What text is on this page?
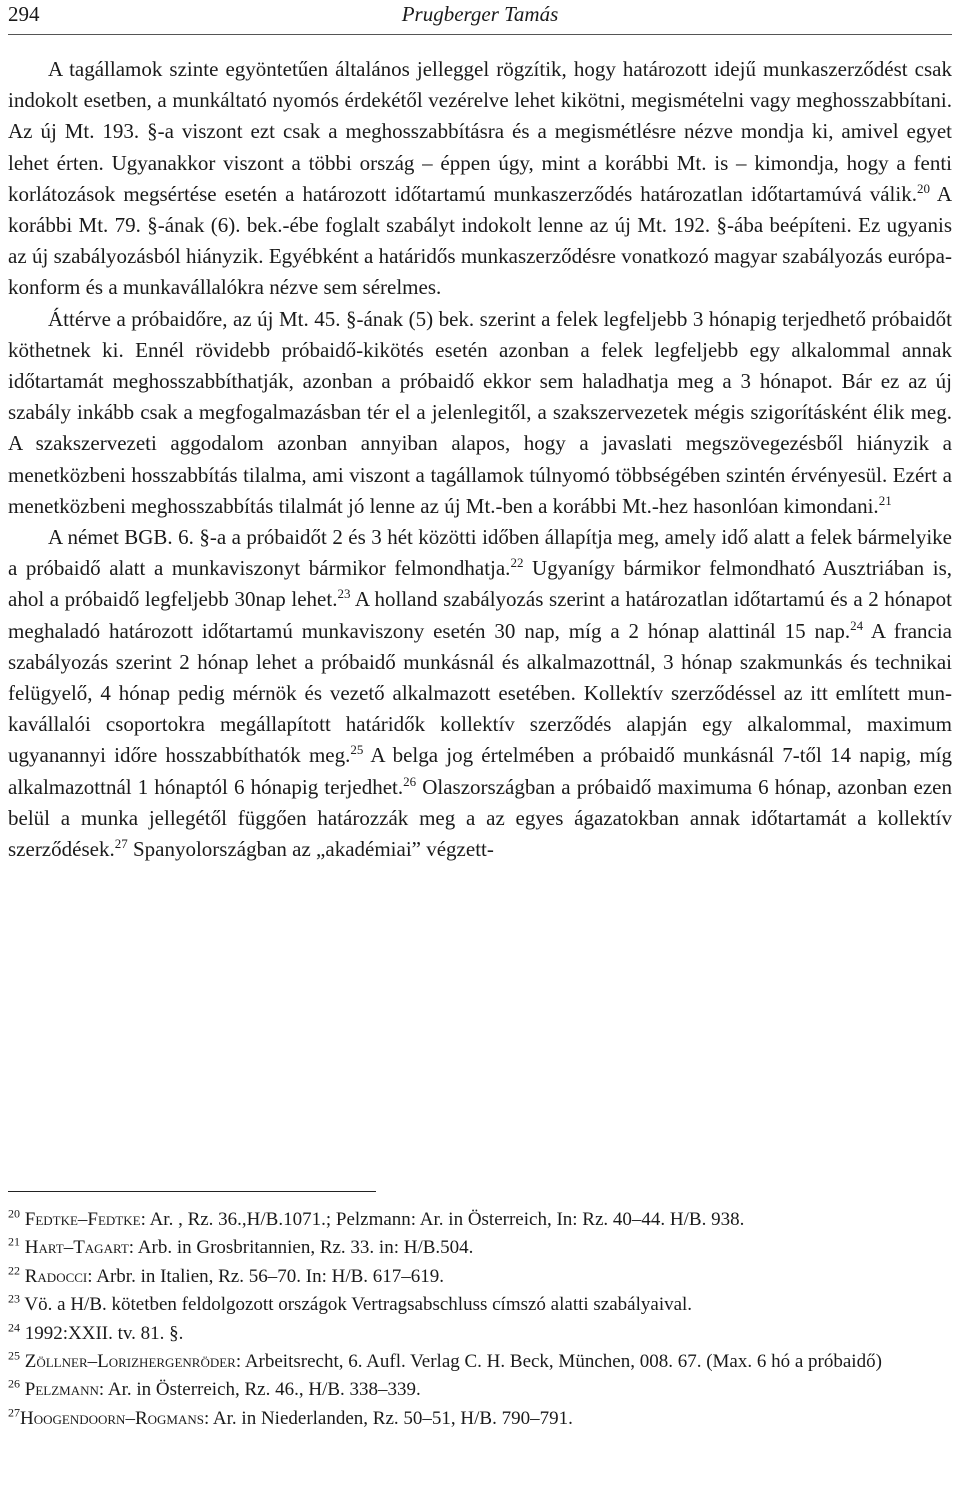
294	Prugberger Tamás

A tagállamok szinte egyöntetűen általános jelleggel rögzítik, hogy határozott idejű munkaszerződést csak indokolt esetben, a munkáltató nyomós érdekétől vezérelve lehet kikötni, megismételni vagy meghosszabbítani. Az új Mt. 193. §-a viszont ezt csak a meghosszabbításra és a megismétlésre nézve mondja ki, amivel egyet lehet érten. Ugyanakkor viszont a többi ország – éppen úgy, mint a korábbi Mt. is – kimondja, hogy a fenti korlátozások megsértése esetén a határozott időtartamú munkaszerződés határozatlan időtartamúvá válik.$^{20}$ A korábbi Mt. 79. §-ának (6). bek.-ébe foglalt szabályt indokolt lenne az új Mt. 192. §-ába beépíteni. Ez ugyanis az új szabályozásból hiányzik. Egyébként a határidős munkaszerződésre vonatkozó magyar szabályozás európa-konform és a munkavállalókra nézve sem sérelmes.

Áttérve a próbaidőre, az új Mt. 45. §-ának (5) bek. szerint a felek legfeljebb 3 hónapig terjedhető próbaidőt köthetnek ki. Ennél rövidebb próbaidő-kikötés esetén azonban a felek legfeljebb egy alkalommal annak időtartamát meghosszabbíthatják, azonban a próbaidő ekkor sem haladhatja meg a 3 hónapot. Bár ez az új szabály inkább csak a megfogalmazásban tér el a jelenlegitől, a szakszervezetek mégis szigorításként élik meg. A szakszervezeti aggodalom azonban annyiban alapos, hogy a javaslati megszövegezésből hiányzik a menetközbeni hosszabbítás tilalma, ami viszont a tagállamok túlnyomó többségében szintén érvényesül. Ezért a menetközbeni meghosszabbítás tilalmát jó lenne az új Mt.-ben a korábbi Mt.-hez hasonlóan kimondani.$^{21}$

A német BGB. 6. §-a a próbaidőt 2 és 3 hét közötti időben állapítja meg, amely idő alatt a felek bármelyike a próbaidő alatt a munkaviszonyt bármikor felmondhatja.$^{22}$ Ugyanígy bármikor felmondható Ausztriában is, ahol a próbaidő legfeljebb 30nap lehet.$^{23}$ A holland szabályozás szerint a határozatlan időtartamú és a 2 hónapot meghaladó határozott időtartamú munkaviszony esetén 30 nap, míg a 2 hónap alattinál 15 nap.$^{24}$ A francia szabályozás szerint 2 hónap lehet a próbaidő munkásnál és alkalmazottnál, 3 hónap szakmunkás és technikai felügyelő, 4 hónap pedig mérnök és vezető alkalmazott esetében. Kollektív szerződéssel az itt említett munkavállalói csoportokra megállapított határidők kollektív szerződés alapján egy alkalommal, maximum ugyanannyi időre hosszabbíthatók meg.$^{25}$ A belga jog értelmében a próbaidő munkásnál 7-től 14 napig, míg alkalmazottnál 1 hónaptól 6 hónapig terjedhet.$^{26}$ Olaszországban a próbaidő maximuma 6 hónap, azonban ezen belül a munka jellegétől függően határozzák meg a az egyes ágazatokban annak időtartamát a kollektív szerződések.$^{27}$ Spanyolországban az „akadémiai” végzett-

$^{20}$ Fedtke–Fedtke: Ar. , Rz. 36.,H/B.1071.; Pelzmann: Ar. in Österreich, In: Rz. 40–44. H/B. 938.

$^{21}$ Hart–Tagart: Arb. in Grosbritannien, Rz. 33. in: H/B.504.

$^{22}$ Radocci: Arbr. in Italien, Rz. 56–70. In: H/B. 617–619.

$^{23}$ Vö. a H/B. kötetben feldolgozott országok Vertragsabschluss címszó alatti szabályaival.

$^{24}$ 1992:XXII. tv. 81. §.

$^{25}$ Zöllner–Lorizhergenröder: Arbeitsrecht, 6. Aufl. Verlag C. H. Beck, München, 008. 67. (Max. 6 hó a próbaidő)

$^{26}$ Pelzmann: Ar. in Österreich, Rz. 46., H/B. 338–339.

$^{27}$Hoogendoorn–Rogmans: Ar. in Niederlanden, Rz. 50–51, H/B. 790–791.
